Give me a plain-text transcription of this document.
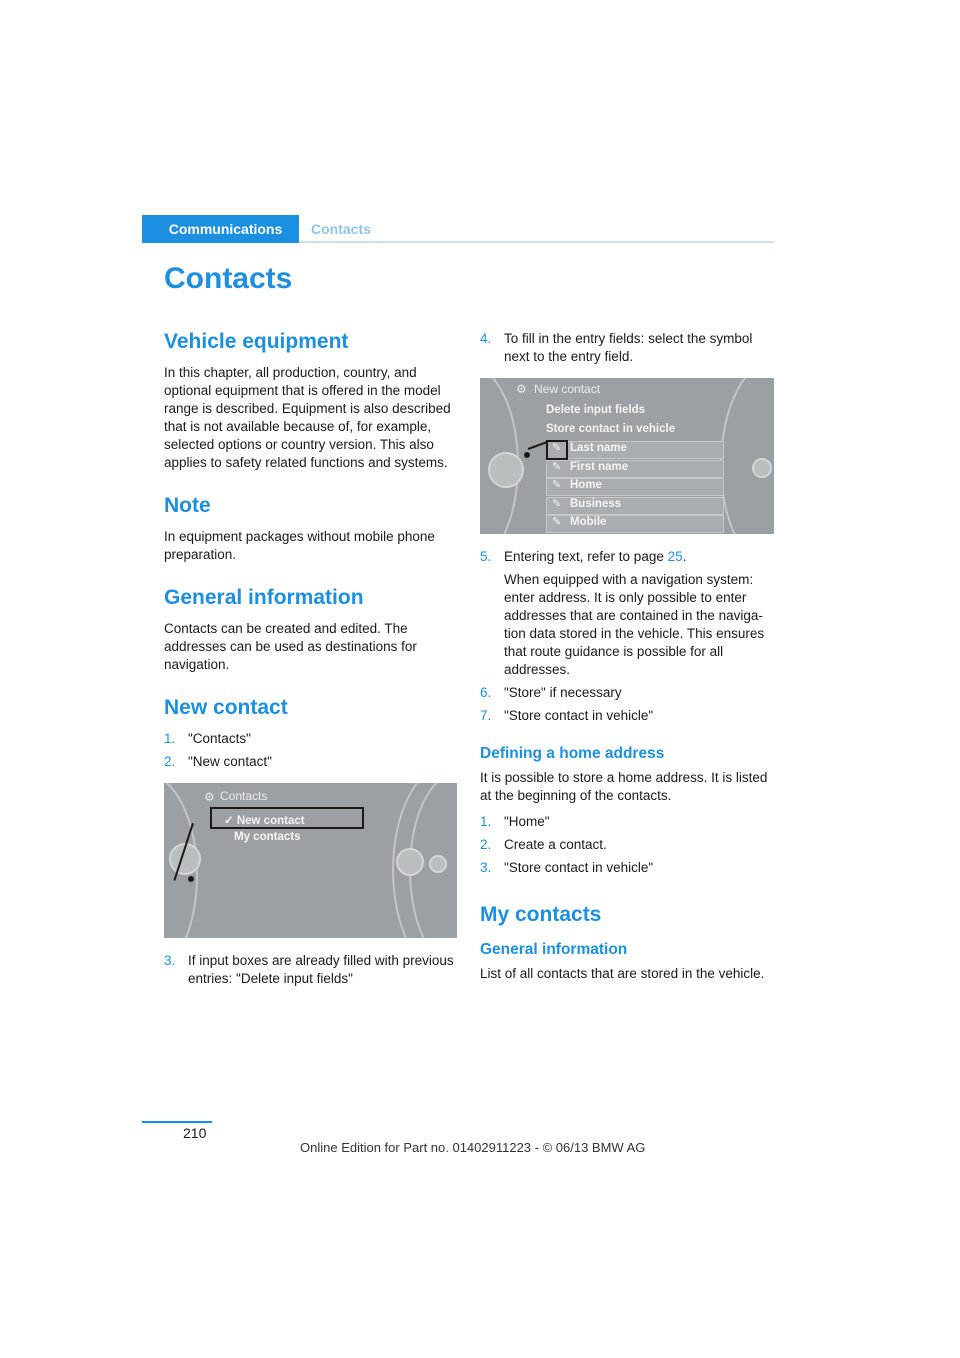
Communications	Contacts
Contacts
Vehicle equipment

In this chapter, all production, country, and optional equipment that is offered in the model range is described. Equipment is also described that is not available because of, for example, selected options or country version. This also applies to safety related functions and systems.

Note

In equipment packages without mobile phone preparation.

General information

Contacts can be created and edited. The addresses can be used as destinations for navigation.

New contact
1. "Contacts"
2. "New contact"
⚙ Contacts
✓ New contact
My contacts
3. If input boxes are already filled with previous entries: "Delete input fields"
4. To fill in the entry fields: select the symbol next to the entry field.
⚙ New contact
Delete input fields
Store contact in vehicle
✎
✎
✎
✎
✎
Last name
First name
Home
Business
Mobile
5. Entering text, refer to page 25.

When equipped with a navigation system: enter address. It is only possible to enter addresses that are contained in the naviga-tion data stored in the vehicle. This ensures that route guidance is possible for all addresses.

6. "Store" if necessary
7. "Store contact in vehicle"
Defining a home address

It is possible to store a home address. It is listed at the beginning of the contacts.

1. "Home"
2. Create a contact.
3. "Store contact in vehicle"
My contacts
General information

List of all contacts that are stored in the vehicle.

210
Online Edition for Part no. 01402911223 - © 06/13 BMW AG
